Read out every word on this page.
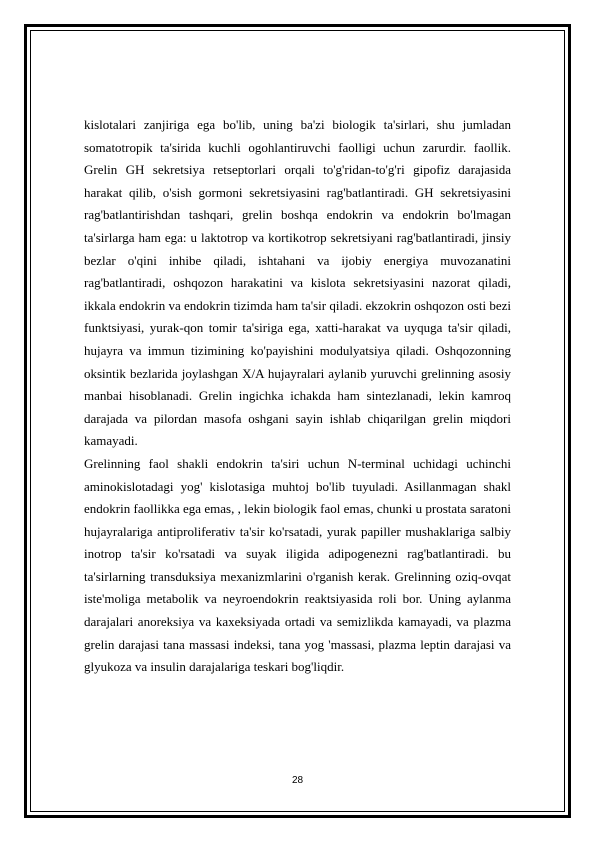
kislotalari zanjiriga ega bo'lib, uning ba'zi biologik ta'sirlari, shu jumladan somatotropik ta'sirida kuchli ogohlantiruvchi faolligi uchun zarurdir. faollik. Grelin GH sekretsiya retseptorlari orqali to'g'ridan-to'g'ri gipofiz darajasida harakat qilib, o'sish gormoni sekretsiyasini rag'batlantiradi. GH sekretsiyasini rag'batlantirishdan tashqari, grelin boshqa endokrin va endokrin bo'lmagan ta'sirlarga ham ega: u laktotrop va kortikotrop sekretsiyani rag'batlantiradi, jinsiy bezlar o'qini inhibe qiladi, ishtahani va ijobiy energiya muvozanatini rag'batlantiradi, oshqozon harakatini va kislota sekretsiyasini nazorat qiladi, ikkala endokrin va endokrin tizimda ham ta'sir qiladi. ekzokrin oshqozon osti bezi funktsiyasi, yurak-qon tomir ta'siriga ega, xatti-harakat va uyquga ta'sir qiladi, hujayra va immun tizimining ko'payishini modulyatsiya qiladi. Oshqozonning oksintik bezlarida joylashgan X/A hujayralari aylanib yuruvchi grelinning asosiy manbai hisoblanadi. Grelin ingichka ichakda ham sintezlanadi, lekin kamroq darajada va pilordan masofa oshgani sayin ishlab chiqarilgan grelin miqdori kamayadi.

Grelinning faol shakli endokrin ta'siri uchun N-terminal uchidagi uchinchi aminokislotadagi yog' kislotasiga muhtoj bo'lib tuyuladi. Asillanmagan shakl endokrin faollikka ega emas, , lekin biologik faol emas, chunki u prostata saratoni hujayralariga antiproliferativ ta'sir ko'rsatadi, yurak papiller mushaklariga salbiy inotrop ta'sir ko'rsatadi va suyak iligida adipogenezni rag'batlantiradi. bu ta'sirlarning transduksiya mexanizmlarini o'rganish kerak. Grelinning oziq-ovqat iste'moliga metabolik va neyroendokrin reaktsiyasida roli bor. Uning aylanma darajalari anoreksiya va kaxeksiyada ortadi va semizlikda kamayadi, va plazma grelin darajasi tana massasi indeksi, tana yog 'massasi, plazma leptin darajasi va glyukoza va insulin darajalariga teskari bog'liqdir.

28
